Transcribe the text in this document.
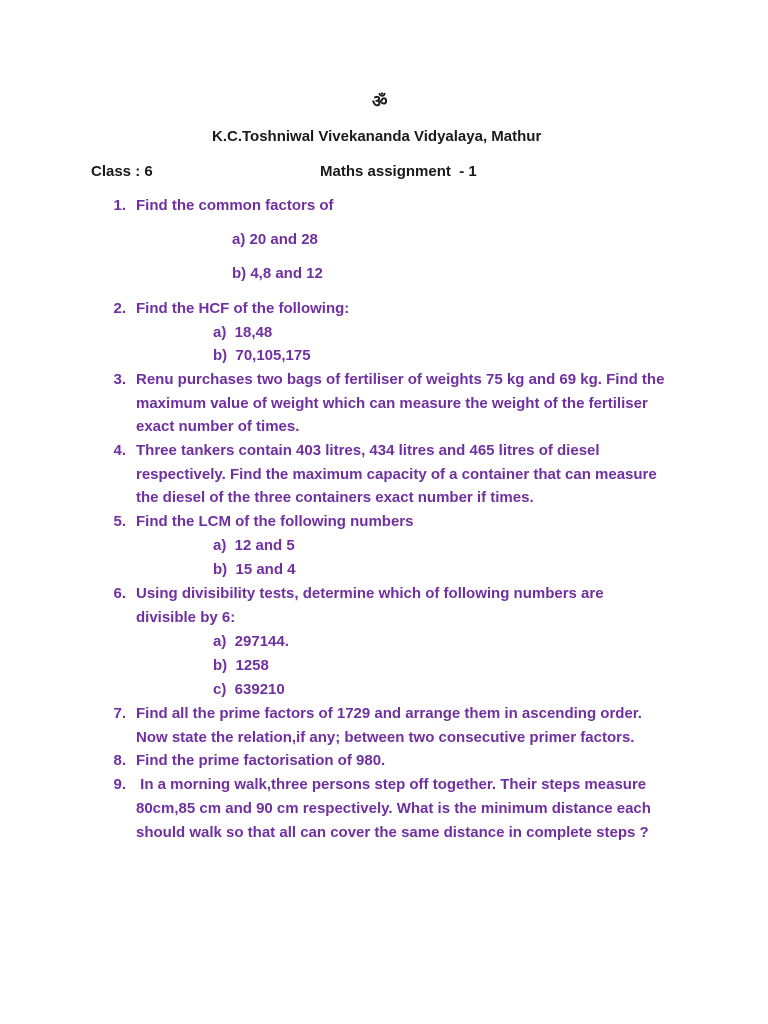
ॐ
K.C.Toshniwal Vivekananda Vidyalaya, Mathur
Class : 6	Maths assignment  - 1
1. Find the common factors of
a) 20 and 28
b) 4,8 and 12
2. Find the HCF of the following:
a)  18,48
b)  70,105,175
3. Renu purchases two bags of fertiliser of weights 75 kg and 69 kg. Find the
maximum value of weight which can measure the weight of the fertiliser
exact number of times.
4. Three tankers contain 403 litres, 434 litres and 465 litres of diesel
respectively. Find the maximum capacity of a container that can measure
the diesel of the three containers exact number if times.
5. Find the LCM of the following numbers
a)  12 and 5
b)  15 and 4
6. Using divisibility tests, determine which of following numbers are
divisible by 6:
a)  297144.
b)  1258
c)  639210
7. Find all the prime factors of 1729 and arrange them in ascending order.
Now state the relation,if any; between two consecutive primer factors.
8. Find the prime factorisation of 980.
9. In a morning walk,three persons step off together. Their steps measure
80cm,85 cm and 90 cm respectively. What is the minimum distance each
should walk so that all can cover the same distance in complete steps ?
